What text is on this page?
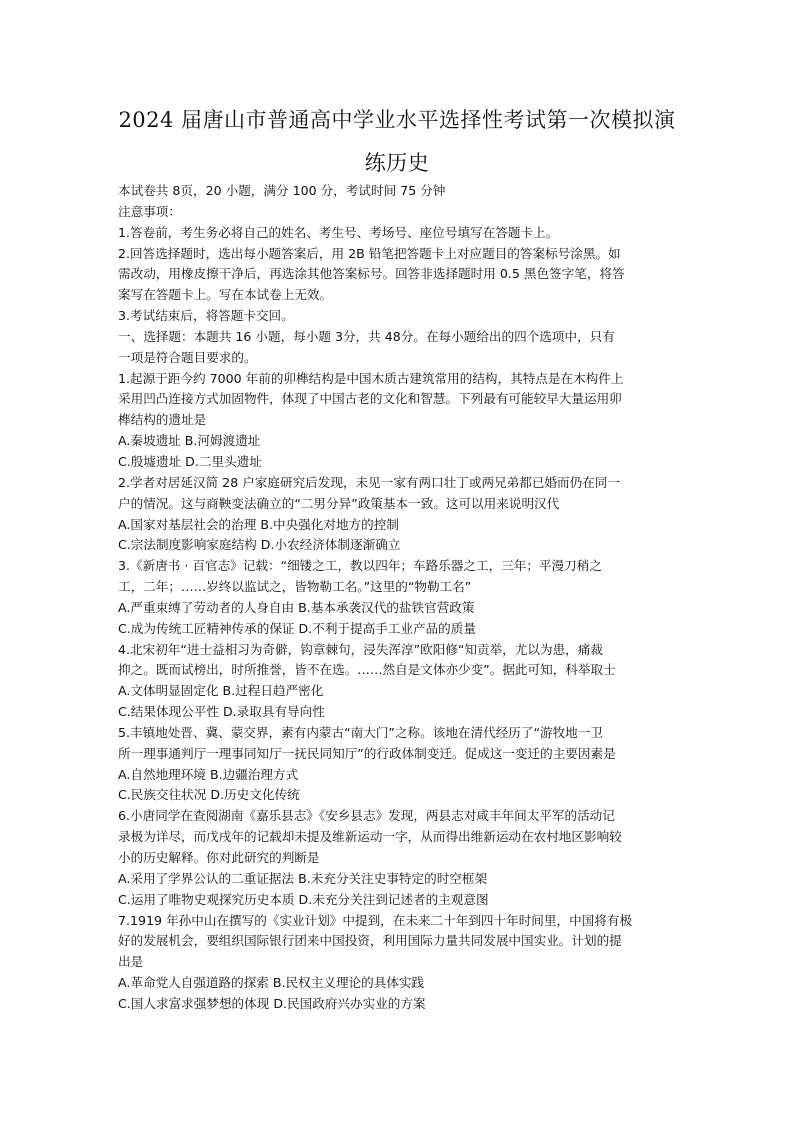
2024 届唐山市普通高中学业水平选择性考试第一次模拟演
练历史
本试卷共 8页，20 小题，满分 100 分，考试时间 75 分钟
注意事项：
1.答卷前，考生务必将自己的姓名、考生号、考场号、座位号填写在答题卡上。
2.回答选择题时，选出每小题答案后，用 2B 铅笔把答题卡上对应题目的答案标号涂黑。如
需改动，用橡皮擦干净后，再选涂其他答案标号。回答非选择题时用 0.5 黑色签字笔，将答
案写在答题卡上。写在本试卷上无效。
3.考试结束后，将答题卡交回。
一、选择题：本题共 16 小题，每小题 3分，共 48分。在每小题给出的四个选项中，只有
一项是符合题目要求的。
1.起源于距今约 7000 年前的卯榫结构是中国木质古建筑常用的结构，其特点是在木构件上
采用凹凸连接方式加固物件，体现了中国古老的文化和智慧。下列最有可能较早大量运用卯
榫结构的遗址是
A.秦坡遗址 B.河姆渡遗址
C.殷墟遗址 D.二里头遗址
2.学者对居延汉简 28 户家庭研究后发现，未见一家有两口壮丁或两兄弟都已婚而仍在同一
户的情况。这与商鞅变法确立的“二男分异”政策基本一致。这可以用来说明汉代
A.国家对基层社会的治理 B.中央强化对地方的控制
C.宗法制度影响家庭结构 D.小农经济体制逐渐确立
3.《新唐书 · 百官志》记载：“细镂之工，教以四年；车路乐器之工，三年；平漫刀稍之
工，二年；……岁终以监试之，皆物勒工名。”这里的“物勒工名”
A.严重束缚了劳动者的人身自由 B.基本承袭汉代的盐铁官营政策
C.成为传统工匠精神传承的保证 D.不利于提高手工业产品的质量
4.北宋初年“进士益相习为奇僻，钩章棘句，浸失浑淳”欧阳修“知贡举，尤以为患，痛裁
抑之。既而试榜出，时所推誉，皆不在选。……然自是文体亦少变”。据此可知，科举取士
A.文体明显固定化 B.过程日趋严密化
C.结果体现公平性 D.录取具有导向性
5.丰镇地处晋、冀、蒙交界，素有内蒙古“南大门”之称。该地在清代经历了“游牧地一卫
所一理事通判厅一理事同知厅一抚民同知厅”的行政体制变迁。促成这一变迁的主要因素是
A.自然地理环境 B.边疆治理方式
C.民族交往状况 D.历史文化传统
6.小唐同学在查阅湖南《嘉乐县志》《安乡县志》发现，两县志对咸丰年间太平军的活动记
录极为详尽，而戊戌年的记载却未提及维新运动一字，从而得出维新运动在农村地区影响较
小的历史解释。你对此研究的判断是
A.采用了学界公认的二重证据法 B.未充分关注史事特定的时空框架
C.运用了唯物史观探究历史本质 D.未充分关注到记述者的主观意图
7.1919 年孙中山在撰写的《实业计划》中提到，在未来二十年到四十年时间里，中国将有极
好的发展机会，要组织国际银行团来中国投资，利用国际力量共同发展中国实业。计划的提
出是
A.革命党人自强道路的探索 B.民权主义理论的具体实践
C.国人求富求强梦想的体现 D.民国政府兴办实业的方案
